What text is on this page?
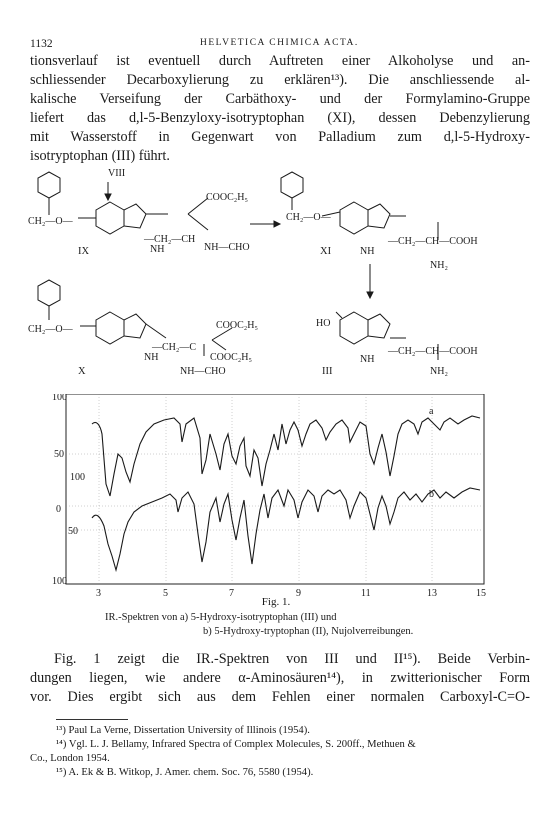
1132	HELVETICA CHIMICA ACTA.
tionsverlauf ist eventuell durch Auftreten einer Alkoholyse und an-
schliessender Decarboxylierung zu erklären¹³). Die anschliessende al-
kalische Verseifung der Carbäthoxy- und der Formylamino-Gruppe
liefert das d,l-5-Benzyloxy-isotryptophan (XI), dessen Debenzylierung
mit Wasserstoff in Gegenwart von Palladium zum d,l-5-Hydroxy-
isotryptophan (III) führt.
VIII
CH₂—O—
COOC₂H₅
—CH₂—CH
NH	NH—CHO
IX
CH₂—O—
—CH₂—CH—COOH
NH
NH₂
XI
CH₂—O—
—CH₂—C
COOC₂H₅
COOC₂H₅
NH
NH—CHO
X
HO
—CH₂—CH—COOH
NH
NH₂
III
100
50
100
0
50
100
3	5	7	9	11	13	15
a
b
Fig. 1.
IR.-Spektren von a) 5-Hydroxy-isotryptophan (III) und
b) 5-Hydroxy-tryptophan (II), Nujolverreibungen.
Fig. 1 zeigt die IR.-Spektren von III und II¹⁵). Beide Verbin-
dungen liegen, wie andere α-Aminosäuren¹⁴), in zwitterionischer Form
vor. Dies ergibt sich aus dem Fehlen einer normalen Carboxyl-C=O-
¹³) Paul La Verne, Dissertation University of Illinois (1954).
¹⁴) Vgl. L. J. Bellamy, Infrared Spectra of Complex Molecules, S. 200ff., Methuen &
Co., London 1954.
¹⁵) A. Ek & B. Witkop, J. Amer. chem. Soc. 76, 5580 (1954).
